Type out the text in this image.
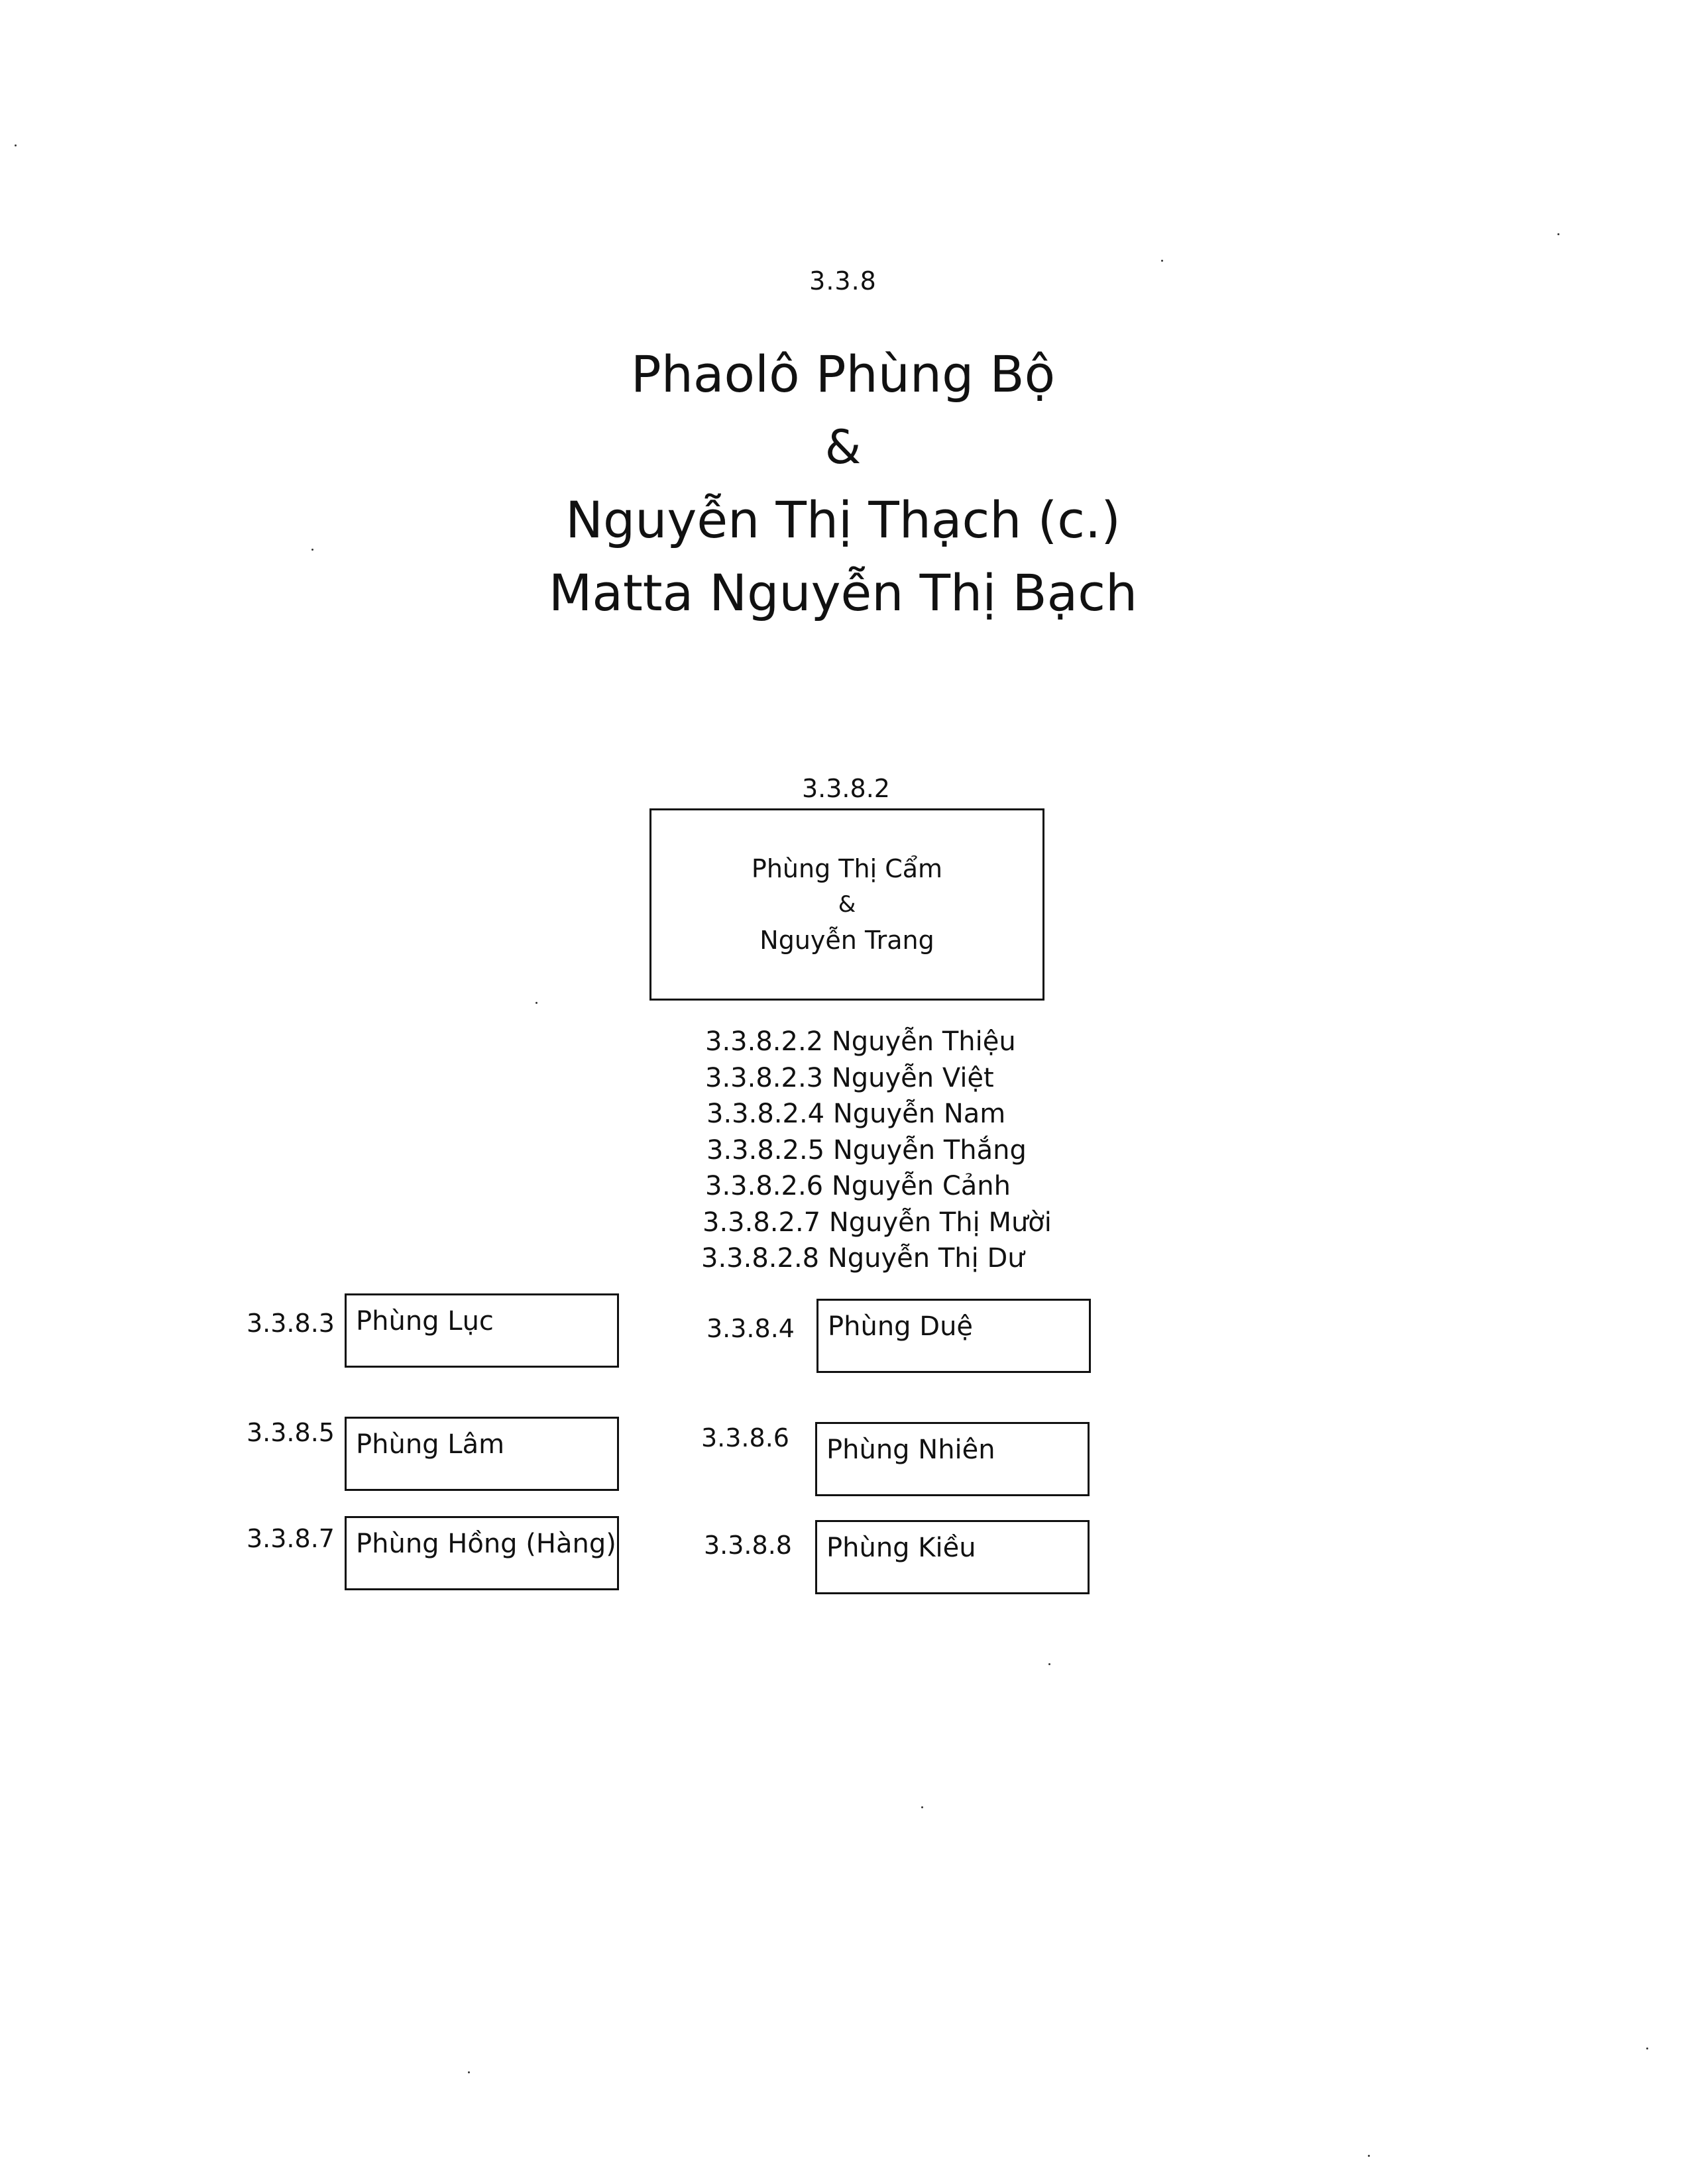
3.3.8
Phaolô Phùng Bộ
&
Nguyễn Thị Thạch (c.)
Matta Nguyễn Thị Bạch
3.3.8.2
Phùng Thị Cẩm
&
Nguyễn Trang
3.3.8.2.2 Nguyễn Thiệu
3.3.8.2.3 Nguyễn Việt
3.3.8.2.4 Nguyễn Nam
3.3.8.2.5 Nguyễn Thắng
3.3.8.2.6 Nguyễn Cảnh
3.3.8.2.7 Nguyễn Thị Mười
3.3.8.2.8 Nguyễn Thị Dư
3.3.8.3 Phùng Lục	3.3.8.4	Phùng Duệ
3.3.8.5 Phùng Lâm	3.3.8.6	Phùng Nhiên
3.3.8.7 Phùng Hồng (Hàng)	3.3.8.8	Phùng Kiều
